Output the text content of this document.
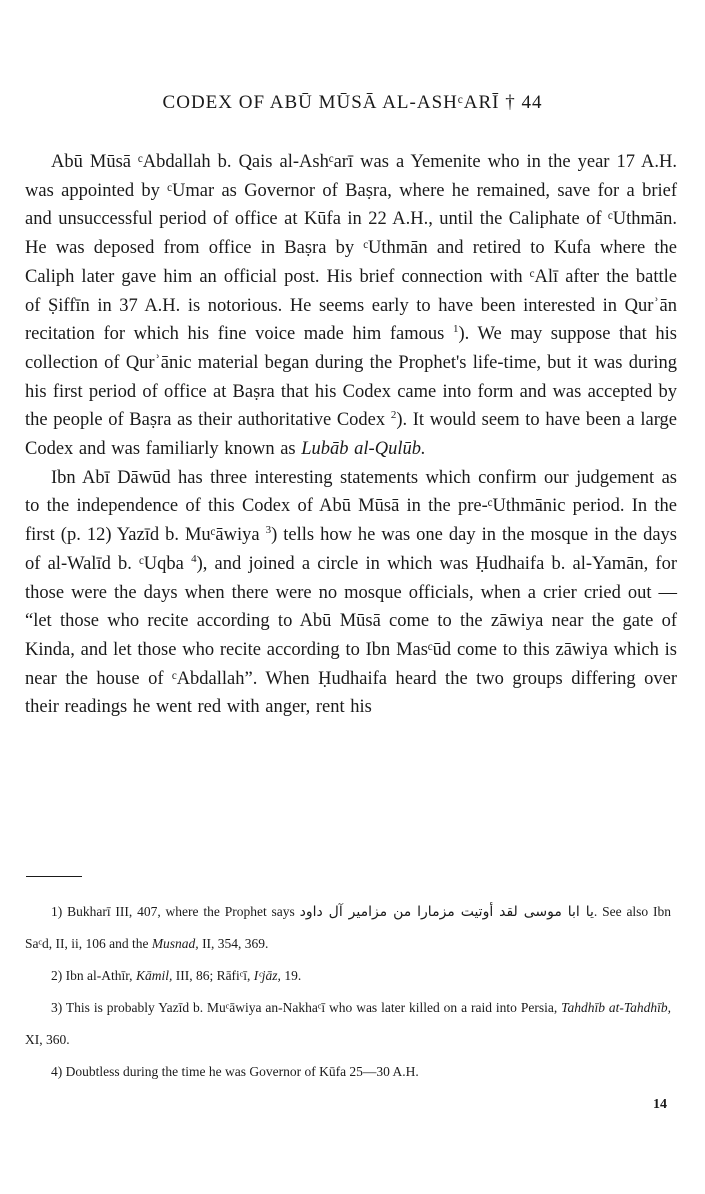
CODEX OF ABŪ MŪSĀ AL-ASHᶜARĪ † 44

Abū Mūsā ᶜAbdallah b. Qais al-Ashᶜarī was a Yemenite who in the year 17 A.H. was appointed by ᶜUmar as Governor of Baṣra, where he remained, save for a brief and unsuccessful period of office at Kūfa in 22 A.H., until the Caliphate of ᶜUthmān. He was deposed from office in Baṣra by ᶜUthmān and retired to Kufa where the Caliph later gave him an official post. His brief connection with ᶜAlī after the battle of Ṣiffīn in 37 A.H. is notorious. He seems early to have been interested in Qurʾān recitation for which his fine voice made him famous $^1$). We may suppose that his collection of Qurʾānic material began during the Prophet's life-time, but it was during his first period of office at Baṣra that his Codex came into form and was accepted by the people of Baṣra as their authoritative Codex $^2$). It would seem to have been a large Codex and was familiarly known as Lubāb al-Qulūb.

Ibn Abī Dāwūd has three interesting statements which confirm our judgement as to the independence of this Codex of Abū Mūsā in the pre-ᶜUthmānic period. In the first (p. 12) Yazīd b. Muᶜāwiya $^3$) tells how he was one day in the mosque in the days of al-Walīd b. ᶜUqba $^4$), and joined a circle in which was Ḥudhaifa b. al-Yamān, for those were the days when there were no mosque officials, when a crier cried out — “let those who recite according to Abū Mūsā come to the zāwiya near the gate of Kinda, and let those who recite according to Ibn Masᶜūd come to this zāwiya which is near the house of ᶜAbdallah”. When Ḥudhaifa heard the two groups differing over their readings he went red with anger, rent his

1) Bukharī III, 407, where the Prophet says يا ابا موسى لقد أوتيت مزمارا من مزامير آل داود. See also Ibn Saᶜd, II, ii, 106 and the Musnad, II, 354, 369.

2) Ibn al-Athīr, Kāmil, III, 86; Rāfiᶜī, Iᶜjāz, 19.

3) This is probably Yazīd b. Muᶜāwiya an-Nakhaᶜī who was later killed on a raid into Persia, Tahdhīb at-Tahdhīb, XI, 360.

4) Doubtless during the time he was Governor of Kūfa 25—30 A.H.

14
